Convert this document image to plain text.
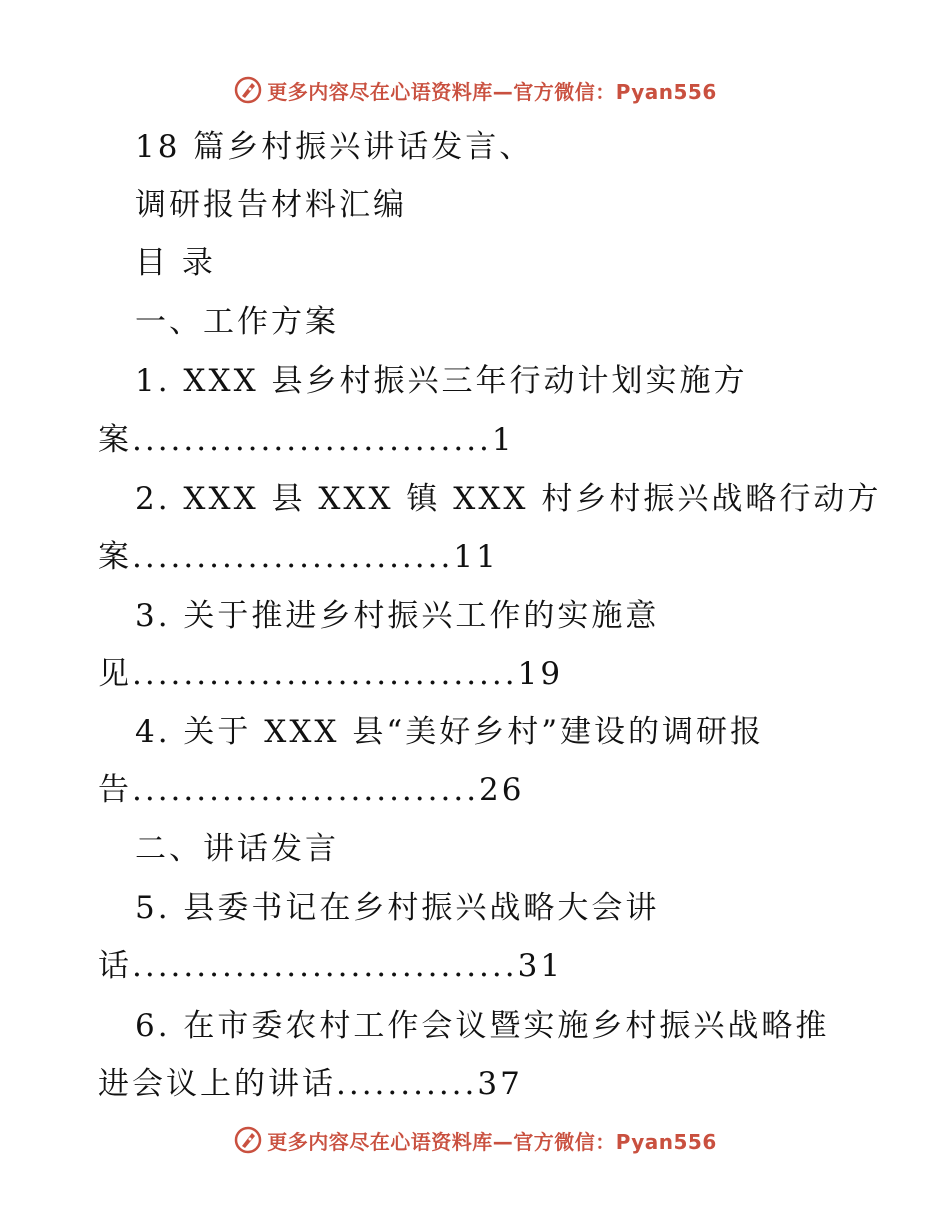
更多内容尽在心语资料库—官方微信：Pyan556
18 篇乡村振兴讲话发言、
调研报告材料汇编
目 录
一、工作方案
1. XXX 县乡村振兴三年行动计划实施方
案............................1
2. XXX 县 XXX 镇 XXX 村乡村振兴战略行动方
案.........................11
3. 关于推进乡村振兴工作的实施意
见..............................19
4. 关于 XXX 县“美好乡村”建设的调研报
告...........................26
二、讲话发言
5. 县委书记在乡村振兴战略大会讲
话..............................31
6. 在市委农村工作会议暨实施乡村振兴战略推
进会议上的讲话...........37
更多内容尽在心语资料库—官方微信：Pyan556
